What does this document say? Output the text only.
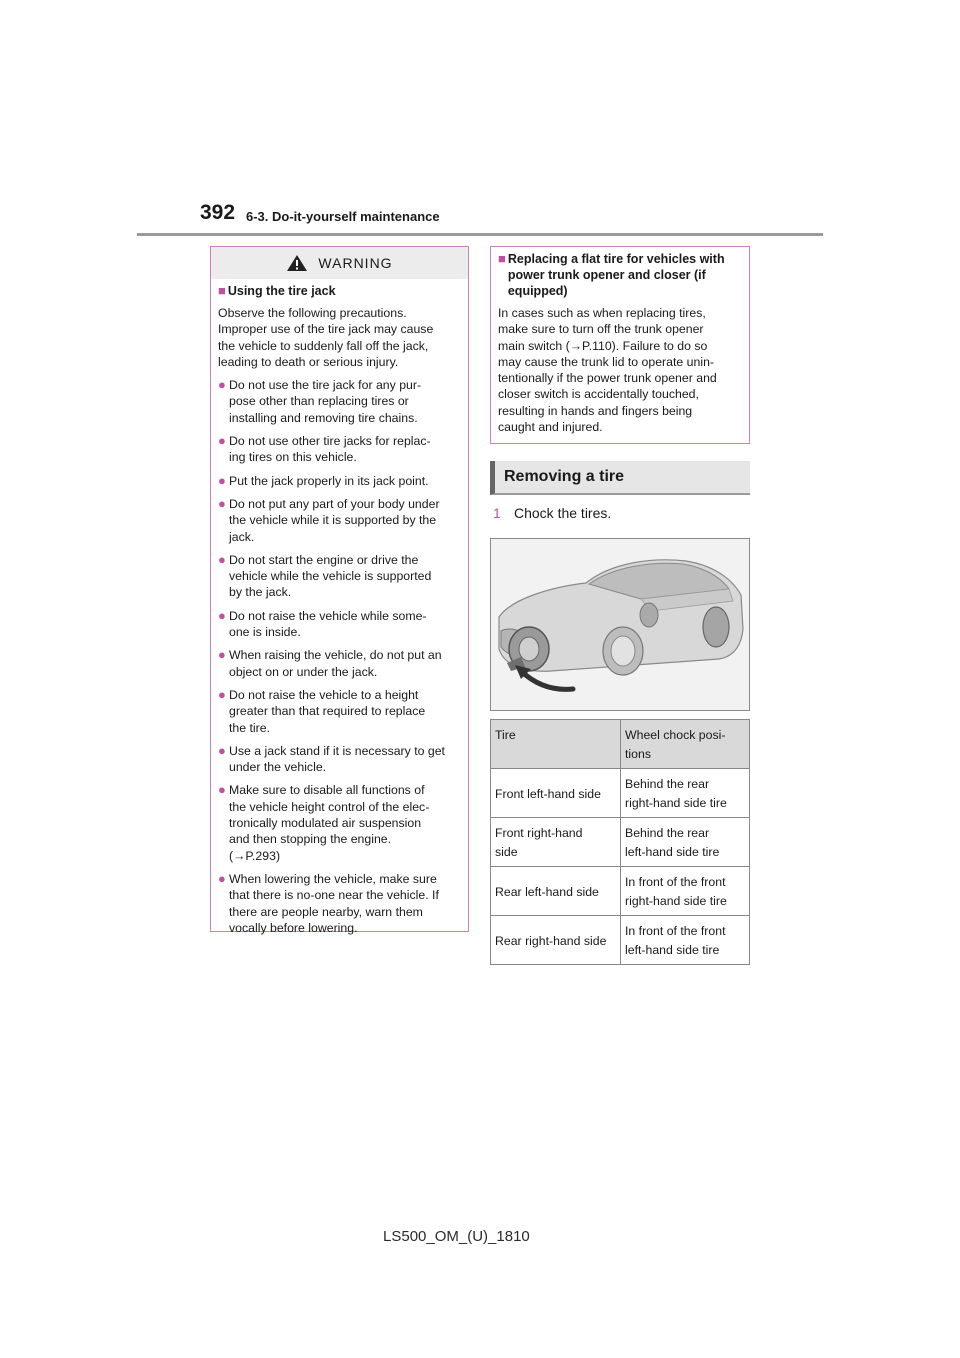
392 6-3. Do-it-yourself maintenance
WARNING
■ Using the tire jack
Observe the following precautions.
Improper use of the tire jack may cause
the vehicle to suddenly fall off the jack,
leading to death or serious injury.
● Do not use the tire jack for any pur-
pose other than replacing tires or
installing and removing tire chains.
● Do not use other tire jacks for replac-
ing tires on this vehicle.
● Put the jack properly in its jack point.
● Do not put any part of your body under
the vehicle while it is supported by the
jack.
● Do not start the engine or drive the
vehicle while the vehicle is supported
by the jack.
● Do not raise the vehicle while some-
one is inside.
● When raising the vehicle, do not put an
object on or under the jack.
● Do not raise the vehicle to a height
greater than that required to replace
the tire.
● Use a jack stand if it is necessary to get
under the vehicle.
● Make sure to disable all functions of
the vehicle height control of the elec-
tronically modulated air suspension
and then stopping the engine.
(→P.293)
● When lowering the vehicle, make sure
that there is no-one near the vehicle. If
there are people nearby, warn them
vocally before lowering.
■ Replacing a flat tire for vehicles with
power trunk opener and closer (if
equipped)
In cases such as when replacing tires,
make sure to turn off the trunk opener
main switch (→P.110). Failure to do so
may cause the trunk lid to operate unin-
tentionally if the power trunk opener and
closer switch is accidentally touched,
resulting in hands and fingers being
caught and injured.
Removing a tire
1 Chock the tires.
Tire	Wheel chock posi-
tions
Front left-hand side	Behind the rear
right-hand side tire
Front right-hand
side	Behind the rear
left-hand side tire
Rear left-hand side	In front of the front
right-hand side tire
Rear right-hand side	In front of the front
left-hand side tire
LS500_OM_(U)_1810
